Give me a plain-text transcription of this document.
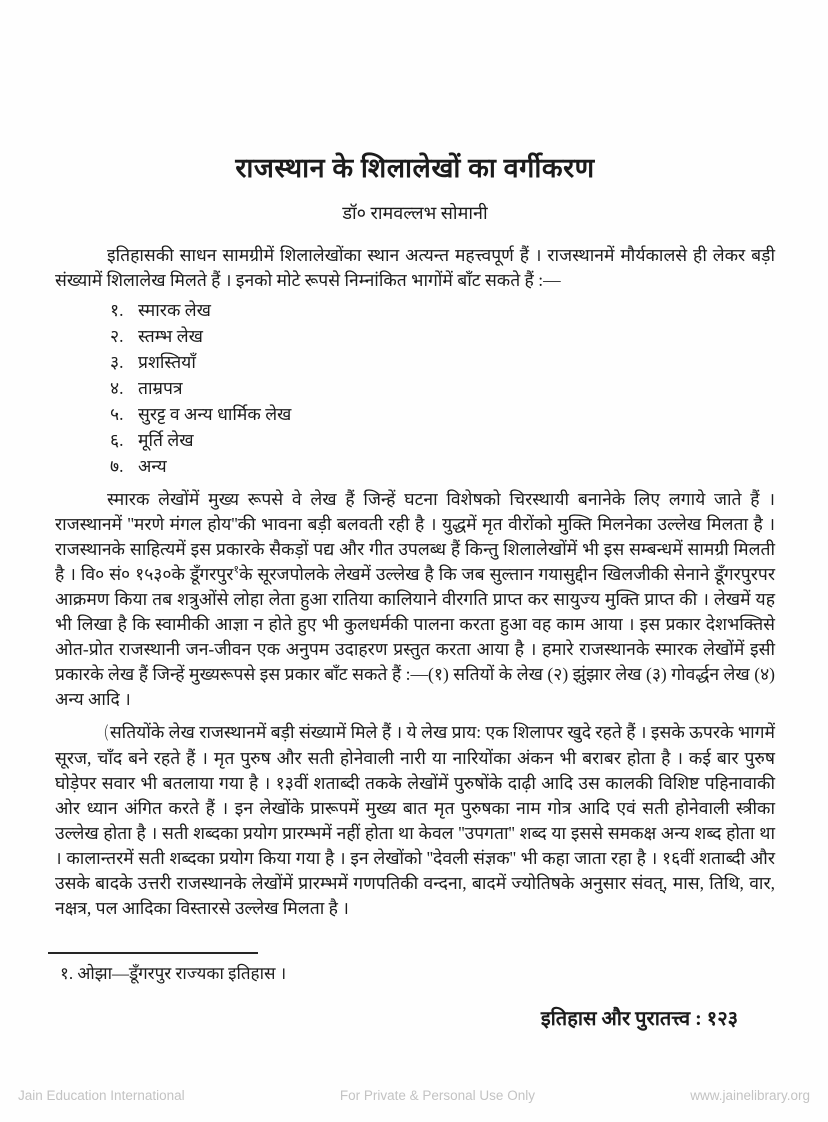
राजस्थान के शिलालेखों का वर्गीकरण
डॉ० रामवल्लभ सोमानी

इतिहासकी साधन सामग्रीमें शिलालेखोंका स्थान अत्यन्त महत्त्वपूर्ण हैं । राजस्थानमें मौर्यकालसे ही लेकर बड़ी संख्यामें शिलालेख मिलते हैं । इनको मोटे रूपसे निम्नांकित भागोंमें बाँट सकते हैं :—

१. स्मारक लेख
२. स्तम्भ लेख
३. प्रशस्तियाँ
४. ताम्रपत्र
५. सुरट्ट व अन्य धार्मिक लेख
६. मूर्ति लेख
७. अन्य

स्मारक लेखोंमें मुख्य रूपसे वे लेख हैं जिन्हें घटना विशेषको चिरस्थायी बनानेके लिए लगाये जाते हैं । राजस्थानमें ''मरणे मंगल होय''की भावना बड़ी बलवती रही है । युद्धमें मृत वीरोंको मुक्ति मिलनेका उल्लेख मिलता है । राजस्थानके साहित्यमें इस प्रकारके सैकड़ों पद्य और गीत उपलब्ध हैं किन्तु शिलालेखोंमें भी इस सम्बन्धमें सामग्री मिलती है । वि० सं० १५३०के डूँगरपुर$^१$के सूरजपोलके लेखमें उल्लेख है कि जब सुल्तान गयासुद्दीन खिलजीकी सेनाने डूँगरपुरपर आक्रमण किया तब शत्रुओंसे लोहा लेता हुआ रातिया कालियाने वीरगति प्राप्त कर सायुज्य मुक्ति प्राप्त की । लेखमें यह भी लिखा है कि स्वामीकी आज्ञा न होते हुए भी कुलधर्मकी पालना करता हुआ वह काम आया । इस प्रकार देशभक्तिसे ओत-प्रोत राजस्थानी जन-जीवन एक अनुपम उदाहरण प्रस्तुत करता आया है । हमारे राजस्थानके स्मारक लेखोंमें इसी प्रकारके लेख हैं जिन्हें मुख्यरूपसे इस प्रकार बाँट सकते हैं :—(१) सतियों के लेख (२) झुंझार लेख (३) गोवर्द्धन लेख (४) अन्य आदि ।

(सतियोंके लेख राजस्थानमें बड़ी संख्यामें मिले हैं । ये लेख प्राय: एक शिलापर खुदे रहते हैं । इसके ऊपरके भागमें सूरज, चाँद बने रहते हैं । मृत पुरुष और सती होनेवाली नारी या नारियोंका अंकन भी बराबर होता है । कई बार पुरुष घोड़ेपर सवार भी बतलाया गया है । १३वीं शताब्दी तकके लेखोंमें पुरुषोंके दाढ़ी आदि उस कालकी विशिष्ट पहिनावाकी ओर ध्यान अंगित करते हैं । इन लेखोंके प्रारूपमें मुख्य बात मृत पुरुषका नाम गोत्र आदि एवं सती होनेवाली स्त्रीका उल्लेख होता है । सती शब्दका प्रयोग प्रारम्भमें नहीं होता था केवल ''उपगता'' शब्द या इससे समकक्ष अन्य शब्द होता था । कालान्तरमें सती शब्दका प्रयोग किया गया है । इन लेखोंको ''देवली संज्ञक'' भी कहा जाता रहा है । १६वीं शताब्दी और उसके बादके उत्तरी राजस्थानके लेखोंमें प्रारम्भमें गणपतिकी वन्दना, बादमें ज्योतिषके अनुसार संवत्, मास, तिथि, वार, नक्षत्र, पल आदिका विस्तारसे उल्लेख मिलता है ।

१. ओझा—डूँगरपुर राज्यका इतिहास ।
इतिहास और पुरातत्त्व : १२३
Jain Education International	For Private & Personal Use Only	www.jainelibrary.org
